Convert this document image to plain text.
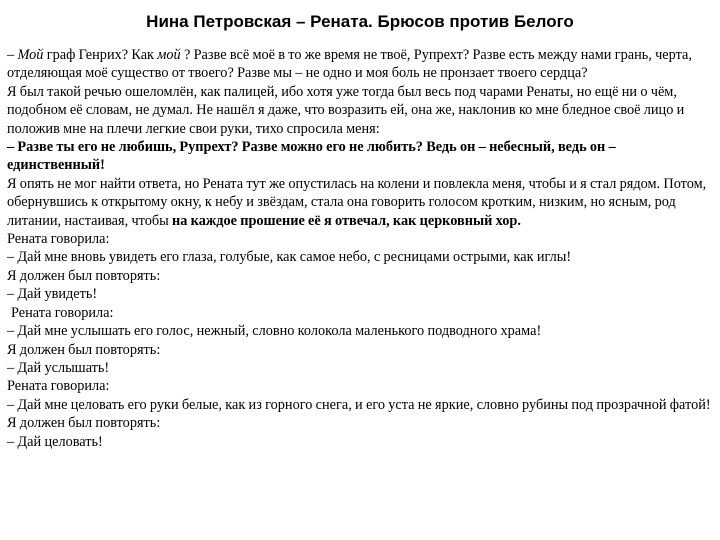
Нина Петровская – Рената. Брюсов против Белого

– Мой граф Генрих? Как мой ? Разве всё моё в то же время не твоё, Рупрехт? Разве есть между нами грань, черта, отделяющая моё существо от твоего? Разве мы – не одно и моя боль не пронзает твоего сердца?

Я был такой речью ошеломлён, как палицей, ибо хотя уже тогда был весь под чарами Ренаты, но ещё ни о чём, подобном её словам, не думал. Не нашёл я даже, что возразить ей, она же, наклонив ко мне бледное своё лицо и положив мне на плечи легкие свои руки, тихо спросила меня:

– Разве ты его не любишь, Рупрехт? Разве можно его не любить? Ведь он – небесный, ведь он – единственный!

Я опять не мог найти ответа, но Рената тут же опустилась на колени и повлекла меня, чтобы и я стал рядом. Потом, обернувшись к открытому окну, к небу и звёздам, стала она говорить голосом кротким, низким, но ясным, род литании, настаивая, чтобы на каждое прошение её я отвечал, как церковный хор.

Рената говорила:

– Дай мне вновь увидеть его глаза, голубые, как самое небо, с ресницами острыми, как иглы!

Я должен был повторять:

– Дай увидеть!

Рената говорила:

– Дай мне услышать его голос, нежный, словно колокола маленького подводного храма!

Я должен был повторять:

– Дай услышать!

Рената говорила:

– Дай мне целовать его руки белые, как из горного снега, и его уста не яркие, словно рубины под прозрачной фатой!

Я должен был повторять:

– Дай целовать!
